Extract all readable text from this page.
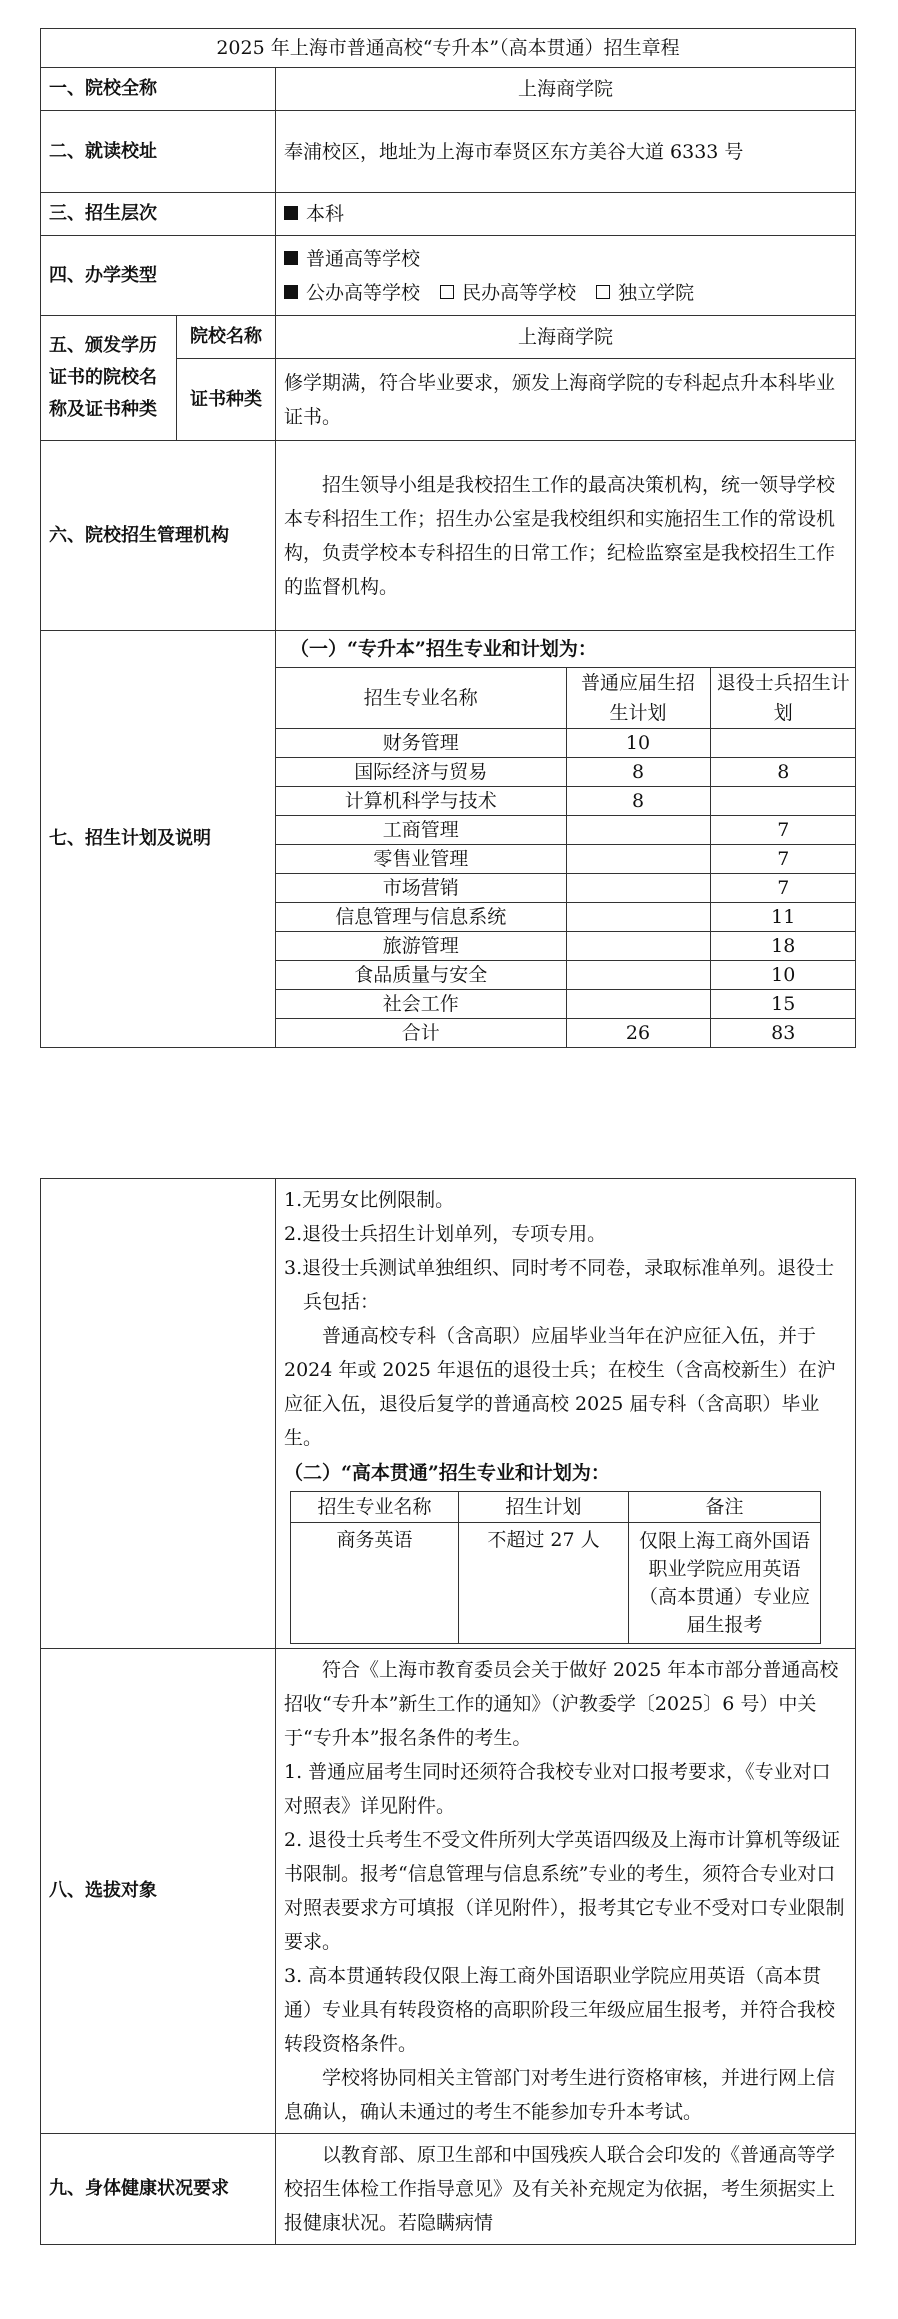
2025 年上海市普通高校“专升本”（高本贯通）招生章程
一、院校全称	上海商学院
二、就读校址	奉浦校区，地址为上海市奉贤区东方美谷大道 6333 号
三、招生层次	本科
四、办学类型	
普通高等学校
公办高等学校 民办高等学校 独立学院

五、颁发学历证书的院校名称及证书种类	院校名称	上海商学院
证书种类	修学期满，符合毕业要求，颁发上海商学院的专科起点升本科毕业证书。
六、院校招生管理机构	招生领导小组是我校招生工作的最高决策机构，统一领导学校本专科招生工作；招生办公室是我校组织和实施招生工作的常设机构，负责学校本专科招生的日常工作；纪检监察室是我校招生工作的监督机构。
七、招生计划及说明	
（一）“专升本”招生专业和计划为：
招生专业名称	普通应届生招生计划	退役士兵招生计划
财务管理	10	
国际经济与贸易	8	8
计算机科学与技术	8	
工商管理		7
零售业管理		7
市场营销		7
信息管理与信息系统		11
旅游管理		18
食品质量与安全		10
社会工作		15
合计	26	83

1.无男女比例限制。

2.退役士兵招生计划单列，专项专用。

3.退役士兵测试单独组织、同时考不同卷，录取标准单列。退役士兵包括：

普通高校专科（含高职）应届毕业当年在沪应征入伍，并于 2024 年或 2025 年退伍的退役士兵；在校生（含高校新生）在沪应征入伍，退役后复学的普通高校 2025 届专科（含高职）毕业生。

（二）“高本贯通”招生专业和计划为：
招生专业名称	招生计划	备注
商务英语	不超过 27 人	仅限上海工商外国语职业学院应用英语（高本贯通）专业应届生报考

八、选拔对象	
符合《上海市教育委员会关于做好 2025 年本市部分普通高校招收“专升本”新生工作的通知》（沪教委学〔2025〕6 号）中关于“专升本”报名条件的考生。
1. 普通应届考生同时还须符合我校专业对口报考要求，《专业对口对照表》详见附件。
2. 退役士兵考生不受文件所列大学英语四级及上海市计算机等级证书限制。报考“信息管理与信息系统”专业的考生，须符合专业对口对照表要求方可填报（详见附件），报考其它专业不受对口专业限制要求。
3. 高本贯通转段仅限上海工商外国语职业学院应用英语（高本贯通）专业具有转段资格的高职阶段三年级应届生报考，并符合我校转段资格条件。
学校将协同相关主管部门对考生进行资格审核，并进行网上信息确认，确认未通过的考生不能参加专升本考试。

九、身体健康状况要求	以教育部、原卫生部和中国残疾人联合会印发的《普通高等学校招生体检工作指导意见》及有关补充规定为依据，考生须据实上报健康状况。若隐瞒病情
